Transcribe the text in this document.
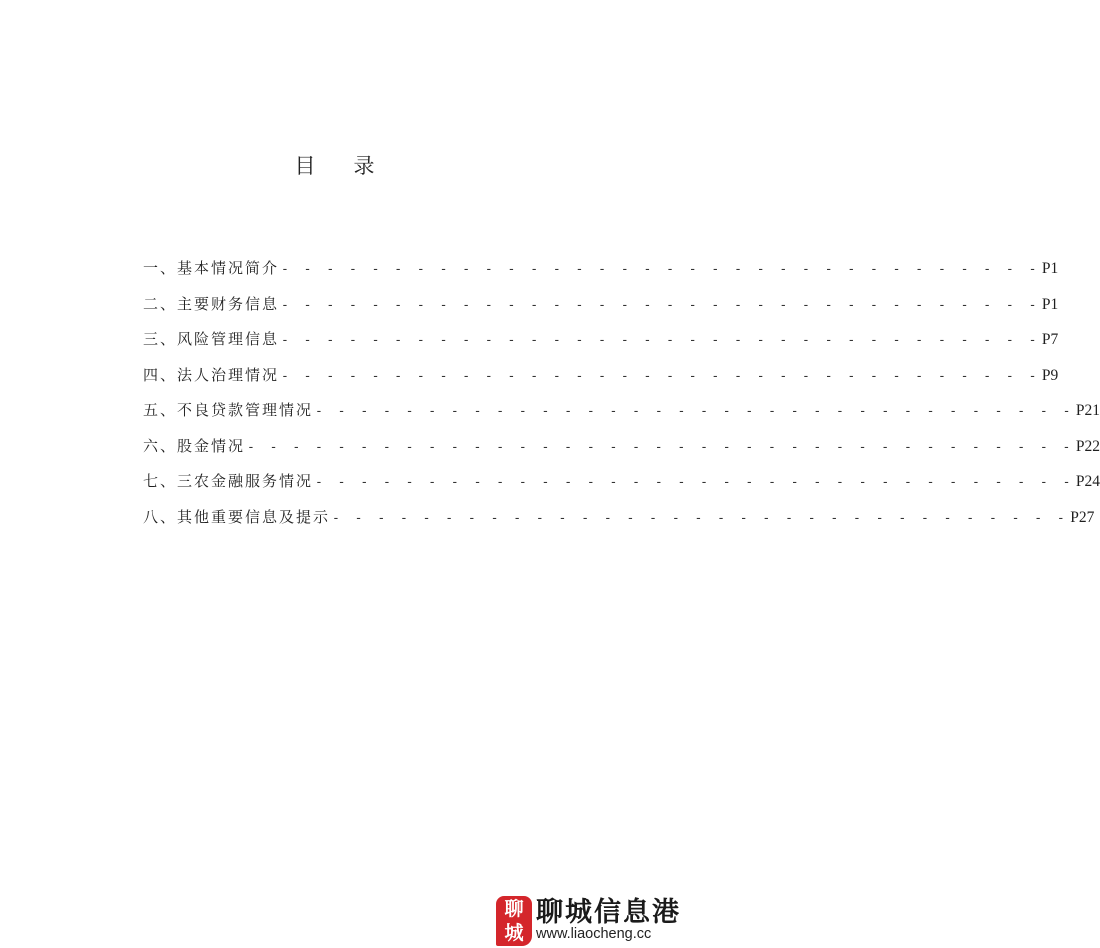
目录
一、基本情况简介 - - - - - - - - - - - - - - - - - - - - - - - - - - - - - - - - - - P1
二、主要财务信息 - - - - - - - - - - - - - - - - - - - - - - - - - - - - - - - - - - P1
三、风险管理信息 - - - - - - - - - - - - - - - - - - - - - - - - - - - - - - - - - - P7
四、法人治理情况 - - - - - - - - - - - - - - - - - - - - - - - - - - - - - - - - - - P9
五、不良贷款管理情况 - - - - - - - - - - - - - - - - - - - - - - - - - - - - - - - - - - P21
六、股金情况 - - - - - - - - - - - - - - - - - - - - - - - - - - - - - - - - - - - - - P22
七、三农金融服务情况 - - - - - - - - - - - - - - - - - - - - - - - - - - - - - - - - - - P24
八、其他重要信息及提示 - - - - - - - - - - - - - - - - - - - - - - - - - - - - - - - - - P27
聊
城
聊城信息港
www.liaocheng.cc
